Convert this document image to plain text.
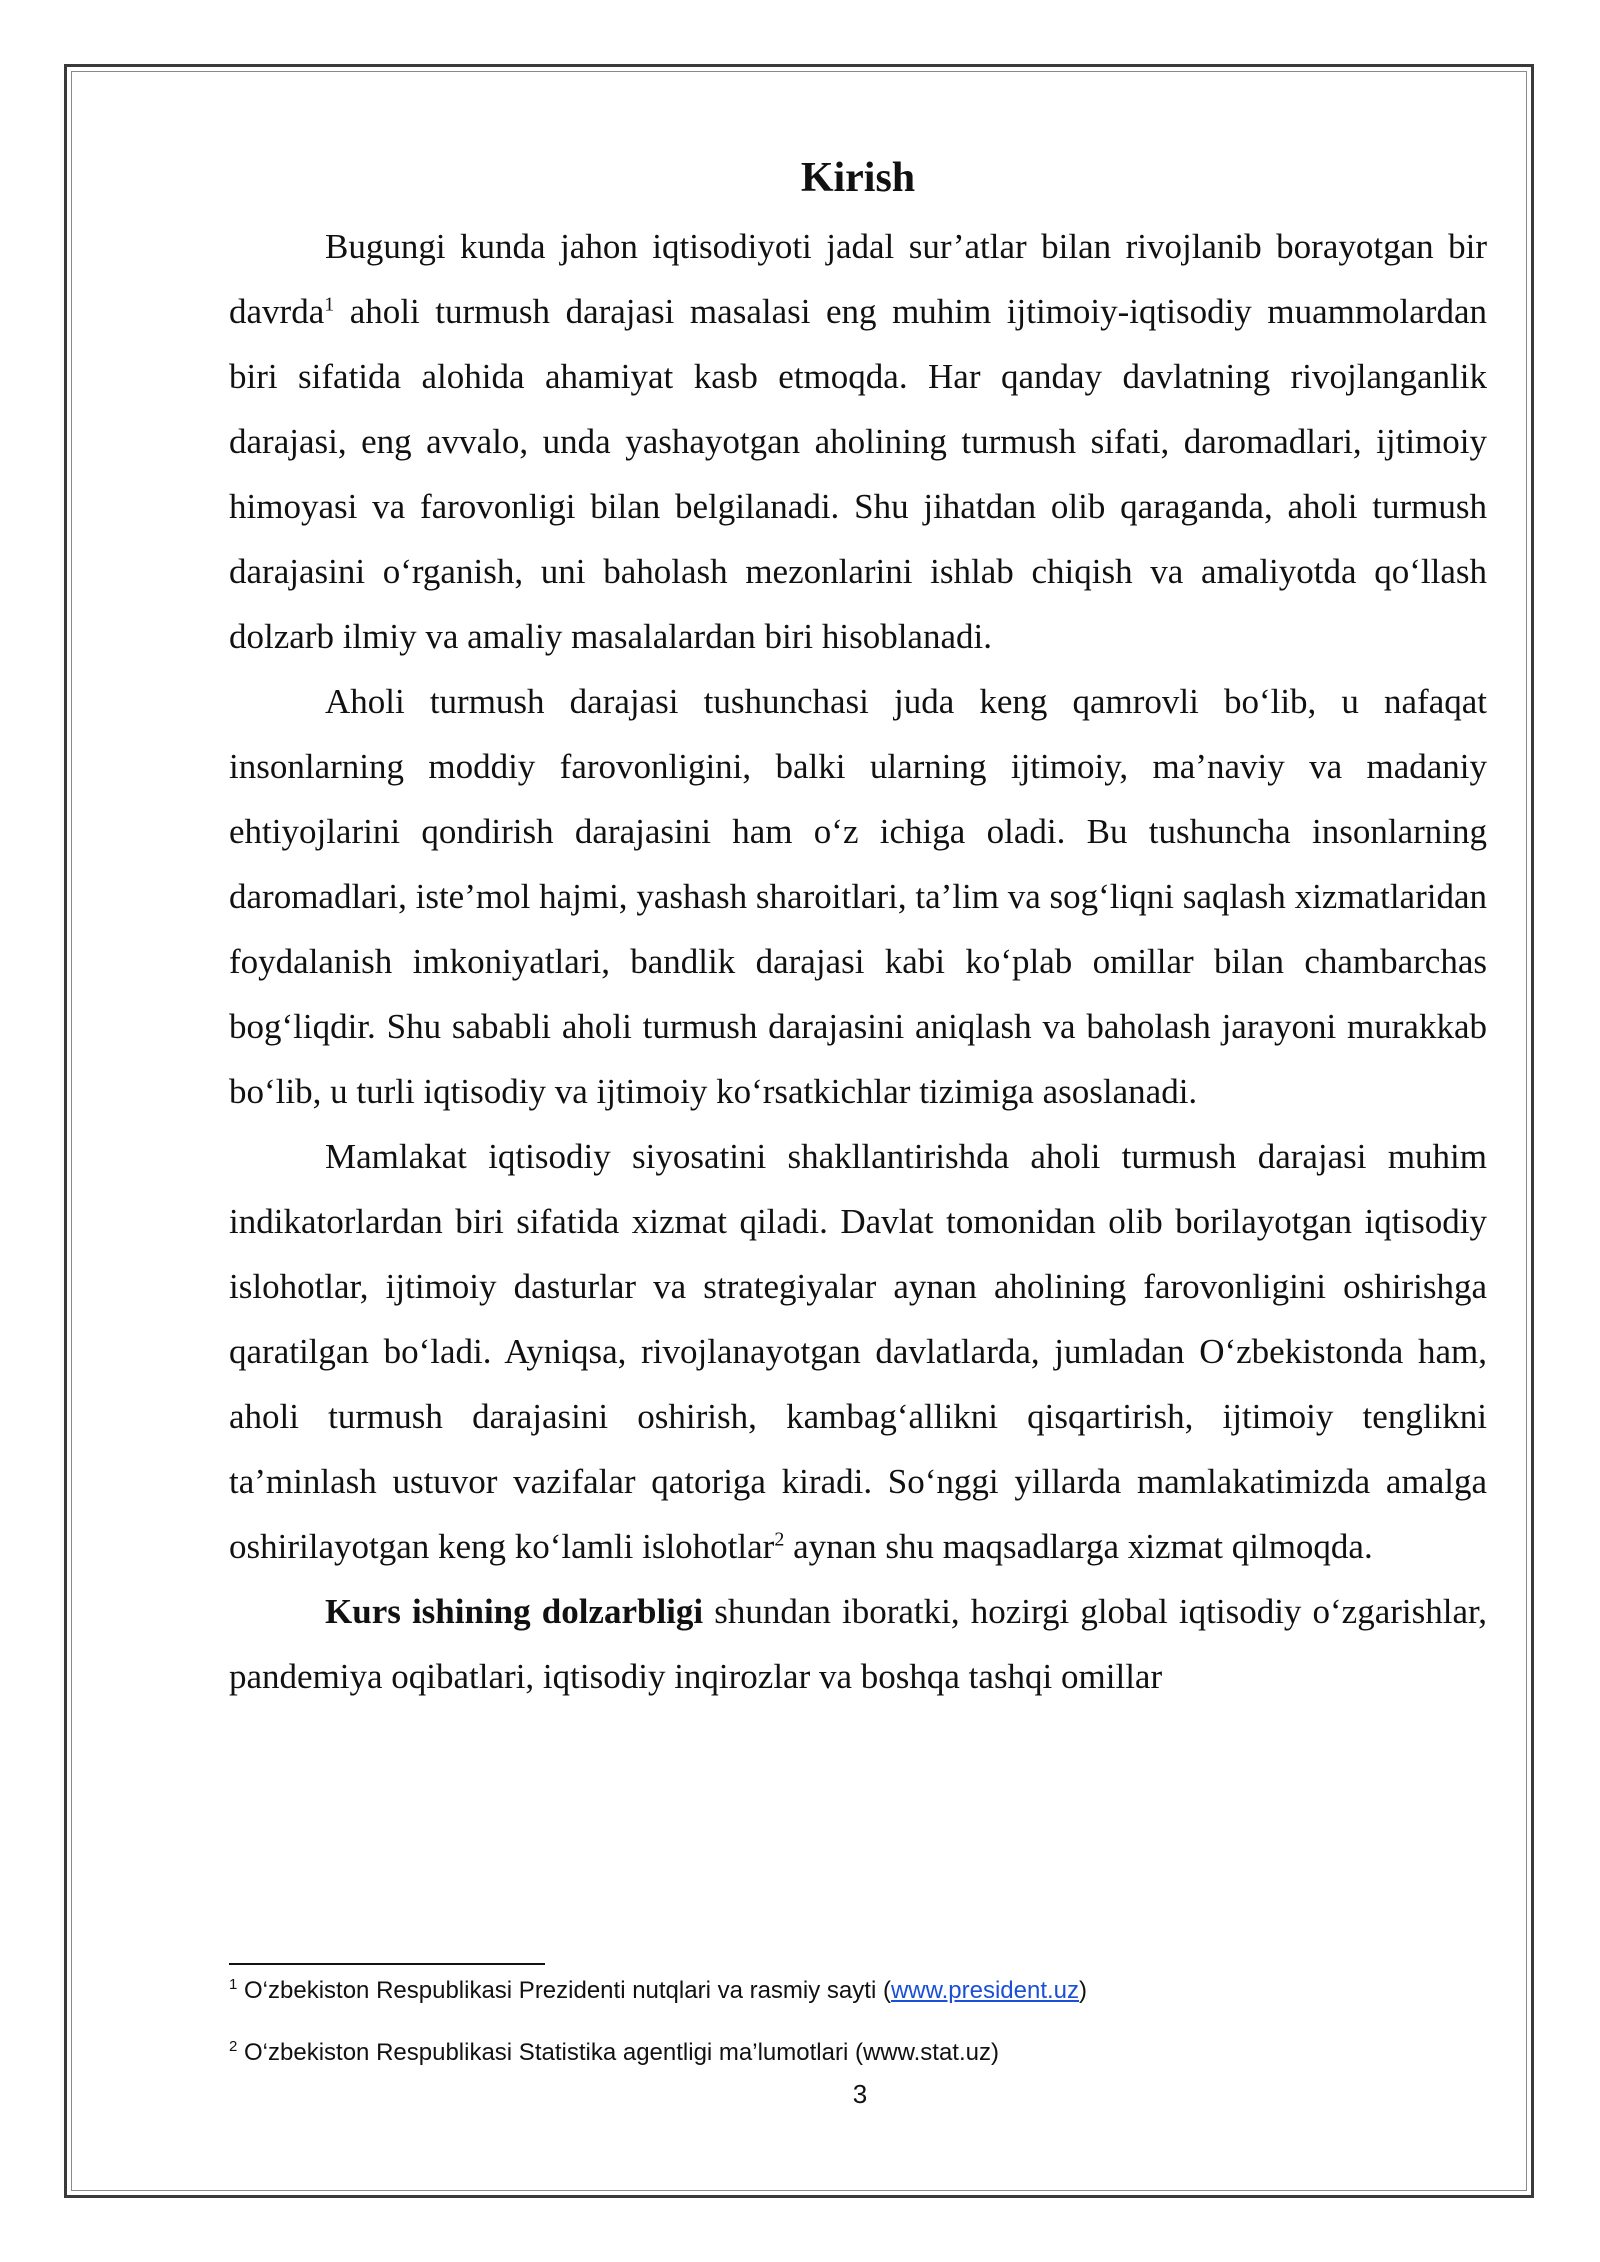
Kirish

Bugungi kunda jahon iqtisodiyoti jadal sur’atlar bilan rivojlanib borayotgan bir davrda$^1$ aholi turmush darajasi masalasi eng muhim ijtimoiy-iqtisodiy muammolardan biri sifatida alohida ahamiyat kasb etmoqda. Har qanday davlatning rivojlanganlik darajasi, eng avvalo, unda yashayotgan aholining turmush sifati, daromadlari, ijtimoiy himoyasi va farovonligi bilan belgilanadi. Shu jihatdan olib qaraganda, aholi turmush darajasini o‘rganish, uni baholash mezonlarini ishlab chiqish va amaliyotda qo‘llash dolzarb ilmiy va amaliy masalalardan biri hisoblanadi.

Aholi turmush darajasi tushunchasi juda keng qamrovli bo‘lib, u nafaqat insonlarning moddiy farovonligini, balki ularning ijtimoiy, ma’naviy va madaniy ehtiyojlarini qondirish darajasini ham o‘z ichiga oladi. Bu tushuncha insonlarning daromadlari, iste’mol hajmi, yashash sharoitlari, ta’lim va sog‘liqni saqlash xizmatlaridan foydalanish imkoniyatlari, bandlik darajasi kabi ko‘plab omillar bilan chambarchas bog‘liqdir. Shu sababli aholi turmush darajasini aniqlash va baholash jarayoni murakkab bo‘lib, u turli iqtisodiy va ijtimoiy ko‘rsatkichlar tizimiga asoslanadi.

Mamlakat iqtisodiy siyosatini shakllantirishda aholi turmush darajasi muhim indikatorlardan biri sifatida xizmat qiladi. Davlat tomonidan olib borilayotgan iqtisodiy islohotlar, ijtimoiy dasturlar va strategiyalar aynan aholining farovonligini oshirishga qaratilgan bo‘ladi. Ayniqsa, rivojlanayotgan davlatlarda, jumladan O‘zbekistonda ham, aholi turmush darajasini oshirish, kambag‘allikni qisqartirish, ijtimoiy tenglikni ta’minlash ustuvor vazifalar qatoriga kiradi. So‘nggi yillarda mamlakatimizda amalga oshirilayotgan keng ko‘lamli islohotlar$^2$ aynan shu maqsadlarga xizmat qilmoqda.

Kurs ishining dolzarbligi shundan iboratki, hozirgi global iqtisodiy o‘zgarishlar, pandemiya oqibatlari, iqtisodiy inqirozlar va boshqa tashqi omillar

$^1$ O‘zbekiston Respublikasi Prezidenti nutqlari va rasmiy sayti (www.president.uz)

$^2$ O‘zbekiston Respublikasi Statistika agentligi ma’lumotlari (www.stat.uz)

3
